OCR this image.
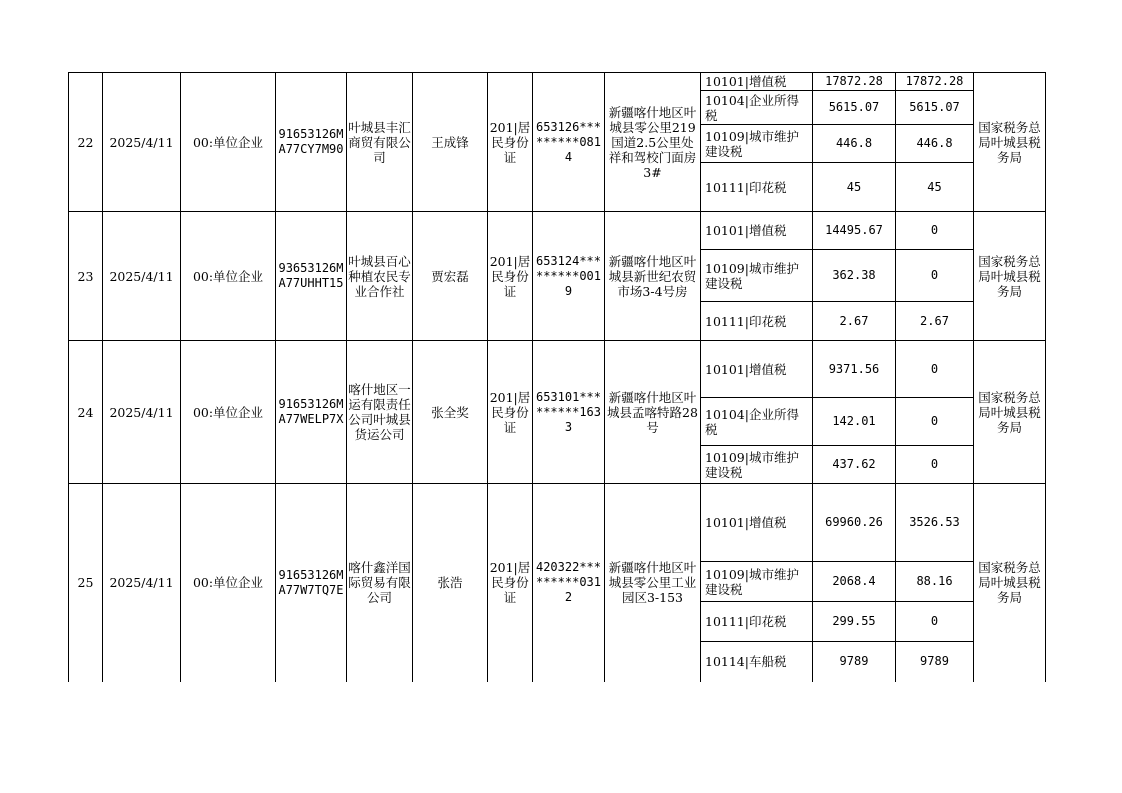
22	2025/4/11	00:单位企业	91653126MA77CY7M90	叶城县丰汇商贸有限公司	王成锋	201|居民身份证	653126*********0814	新疆喀什地区叶城县零公里219国道2.5公里处祥和驾校门面房3#	10101|增值税	17872.28	17872.28	国家税务总局叶城县税务局
									10104|企业所得税	5615.07	5615.07	
									10109|城市维护建设税	446.8	446.8	
									10111|印花税	45	45	
23	2025/4/11	00:单位企业	93653126MA77UHHT15	叶城县百心种植农民专业合作社	贾宏磊	201|居民身份证	653124*********0019	新疆喀什地区叶城县新世纪农贸市场3-4号房	10101|增值税	14495.67	0	国家税务总局叶城县税务局
									10109|城市维护建设税	362.38	0	
									10111|印花税	2.67	2.67	
24	2025/4/11	00:单位企业	91653126MA77WELP7X	喀什地区一运有限责任公司叶城县货运公司	张全奖	201|居民身份证	653101*********1633	新疆喀什地区叶城县孟喀特路28号	10101|增值税	9371.56	0	国家税务总局叶城县税务局
									10104|企业所得税	142.01	0	
									10109|城市维护建设税	437.62	0	
25	2025/4/11	00:单位企业	91653126MA77W7TQ7E	喀什鑫洋国际贸易有限公司	张浩	201|居民身份证	420322*********0312	新疆喀什地区叶城县零公里工业园区3-153	10101|增值税	69960.26	3526.53	国家税务总局叶城县税务局
									10109|城市维护建设税	2068.4	88.16	
									10111|印花税	299.55	0	
									10114|车船税	9789	9789	
